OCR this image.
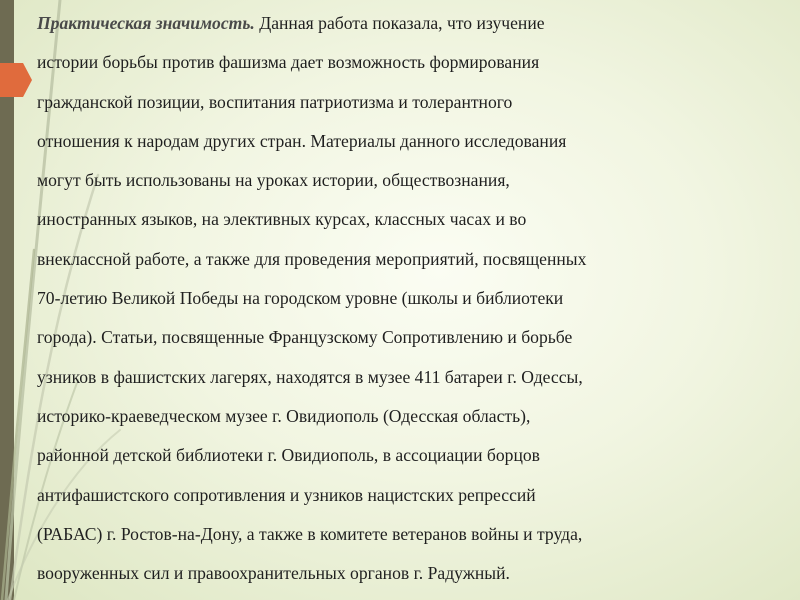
Практическая значимость. Данная работа показала, что изучение
истории борьбы против фашизма дает возможность формирования
гражданской позиции, воспитания патриотизма и толерантного
отношения к народам других стран. Материалы данного исследования
могут быть использованы на уроках истории, обществознания,
иностранных языков, на элективных курсах, классных часах и во
внеклассной работе, а также для проведения мероприятий, посвященных
70-летию Великой Победы на городском уровне (школы и библиотеки
города). Статьи, посвященные Французскому Сопротивлению и борьбе
узников в фашистских лагерях, находятся в музее 411 батареи г. Одессы,
историко-краеведческом музее г. Овидиополь (Одесская область),
районной детской библиотеки г. Овидиополь, в ассоциации борцов
антифашистского сопротивления и узников нацистских репрессий
(РАБАС) г. Ростов-на-Дону, а также в комитете ветеранов войны и труда,
вооруженных сил и правоохранительных органов г. Радужный.
